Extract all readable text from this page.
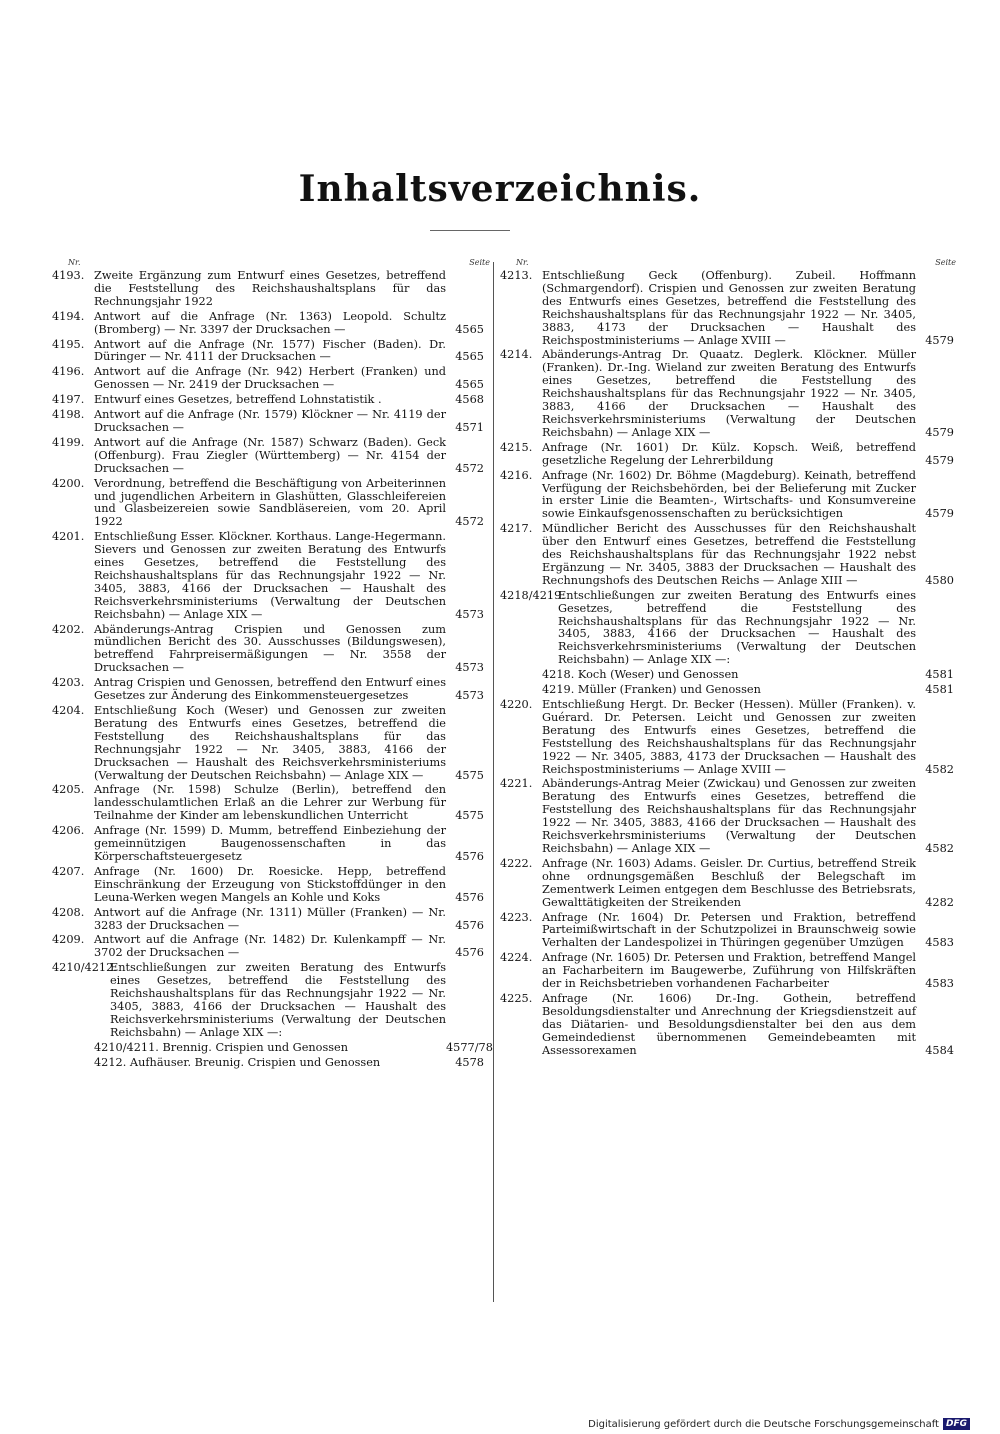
Inhaltsverzeichnis.
Nr.	Seite
4193. Zweite Ergänzung zum Entwurf eines Gesetzes, betreffend die Feststellung des Reichshaushaltsplans für das Rechnungsjahr 1922
4194. Antwort auf die Anfrage (Nr. 1363) Leopold. Schultz (Bromberg) — Nr. 3397 der Drucksachen —	4565
4195. Antwort auf die Anfrage (Nr. 1577) Fischer (Baden). Dr. Düringer — Nr. 4111 der Drucksachen —	4565
4196. Antwort auf die Anfrage (Nr. 942) Herbert (Franken) und Genossen — Nr. 2419 der Drucksachen —	4565
4197. Entwurf eines Gesetzes, betreffend Lohnstatistik .	4568
4198. Antwort auf die Anfrage (Nr. 1579) Klöckner — Nr. 4119 der Drucksachen —	4571
4199. Antwort auf die Anfrage (Nr. 1587) Schwarz (Baden). Geck (Offenburg). Frau Ziegler (Württemberg) — Nr. 4154 der Drucksachen —	4572
4200. Verordnung, betreffend die Beschäftigung von Arbeiterinnen und jugendlichen Arbeitern in Glashütten, Glasschleifereien und Glasbeizereien sowie Sandbläsereien, vom 20. April 1922	4572
4201. Entschließung Esser. Klöckner. Korthaus. Lange-Hegermann. Sievers und Genossen zur zweiten Beratung des Entwurfs eines Gesetzes, betreffend die Feststellung des Reichshaushaltsplans für das Rechnungsjahr 1922 — Nr. 3405, 3883, 4166 der Drucksachen — Haushalt des Reichsverkehrsministeriums (Verwaltung der Deutschen Reichsbahn) — Anlage XIX —	4573
4202. Abänderungs-Antrag Crispien und Genossen zum mündlichen Bericht des 30. Ausschusses (Bildungswesen), betreffend Fahrpreisermäßigungen — Nr. 3558 der Drucksachen —	4573
4203. Antrag Crispien und Genossen, betreffend den Entwurf eines Gesetzes zur Änderung des Einkommensteuergesetzes	4573
4204. Entschließung Koch (Weser) und Genossen zur zweiten Beratung des Entwurfs eines Gesetzes, betreffend die Feststellung des Reichshaushaltsplans für das Rechnungsjahr 1922 — Nr. 3405, 3883, 4166 der Drucksachen — Haushalt des Reichsverkehrsministeriums (Verwaltung der Deutschen Reichsbahn) — Anlage XIX —	4575
4205. Anfrage (Nr. 1598) Schulze (Berlin), betreffend den landesschulamtlichen Erlaß an die Lehrer zur Werbung für Teilnahme der Kinder am lebenskundlichen Unterricht	4575
4206. Anfrage (Nr. 1599) D. Mumm, betreffend Einbeziehung der gemeinnützigen Baugenossenschaften in das Körperschaftsteuergesetz	4576
4207. Anfrage (Nr. 1600) Dr. Roesicke. Hepp, betreffend Einschränkung der Erzeugung von Stickstoffdünger in den Leuna-Werken wegen Mangels an Kohle und Koks	4576
4208. Antwort auf die Anfrage (Nr. 1311) Müller (Franken) — Nr. 3283 der Drucksachen —	4576
4209. Antwort auf die Anfrage (Nr. 1482) Dr. Kulenkampff — Nr. 3702 der Drucksachen —	4576
4210/4212.
Entschließungen zur zweiten Beratung des Entwurfs eines Gesetzes, betreffend die Feststellung des Reichshaushaltsplans für das Rechnungsjahr 1922 — Nr. 3405, 3883, 4166 der Drucksachen — Haushalt des Reichsverkehrsministeriums (Verwaltung der Deutschen Reichsbahn) — Anlage XIX —:
4210/4211. Brennig. Crispien und Genossen	4577/78
4212. Aufhäuser. Breunig. Crispien und Genossen	4578
Nr.	Seite
4213. Entschließung Geck (Offenburg). Zubeil. Hoffmann (Schmargendorf). Crispien und Genossen zur zweiten Beratung des Entwurfs eines Gesetzes, betreffend die Feststellung des Reichshaushaltsplans für das Rechnungsjahr 1922 — Nr. 3405, 3883, 4173 der Drucksachen — Haushalt des Reichspostministeriums — Anlage XVIII —	4579
4214. Abänderungs-Antrag Dr. Quaatz. Deglerk. Klöckner. Müller (Franken). Dr.-Ing. Wieland zur zweiten Beratung des Entwurfs eines Gesetzes, betreffend die Feststellung des Reichshaushaltsplans für das Rechnungsjahr 1922 — Nr. 3405, 3883, 4166 der Drucksachen — Haushalt des Reichsverkehrsministeriums (Verwaltung der Deutschen Reichsbahn) — Anlage XIX —	4579
4215. Anfrage (Nr. 1601) Dr. Külz. Kopsch. Weiß, betreffend gesetzliche Regelung der Lehrerbildung	4579
4216. Anfrage (Nr. 1602) Dr. Böhme (Magdeburg). Keinath, betreffend Verfügung der Reichsbehörden, bei der Belieferung mit Zucker in erster Linie die Beamten-, Wirtschafts- und Konsumvereine sowie Einkaufsgenossenschaften zu berücksichtigen	4579
4217. Mündlicher Bericht des Ausschusses für den Reichshaushalt über den Entwurf eines Gesetzes, betreffend die Feststellung des Reichshaushaltsplans für das Rechnungsjahr 1922 nebst Ergänzung — Nr. 3405, 3883 der Drucksachen — Haushalt des Rechnungshofs des Deutschen Reichs — Anlage XIII —	4580
4218/4219.
Entschließungen zur zweiten Beratung des Entwurfs eines Gesetzes, betreffend die Feststellung des Reichshaushaltsplans für das Rechnungsjahr 1922 — Nr. 3405, 3883, 4166 der Drucksachen — Haushalt des Reichsverkehrsministeriums (Verwaltung der Deutschen Reichsbahn) — Anlage XIX —:
4218. Koch (Weser) und Genossen	4581
4219. Müller (Franken) und Genossen	4581
4220. Entschließung Hergt. Dr. Becker (Hessen). Müller (Franken). v. Guérard. Dr. Petersen. Leicht und Genossen zur zweiten Beratung des Entwurfs eines Gesetzes, betreffend die Feststellung des Reichshaushaltsplans für das Rechnungsjahr 1922 — Nr. 3405, 3883, 4173 der Drucksachen — Haushalt des Reichspostministeriums — Anlage XVIII —	4582
4221. Abänderungs-Antrag Meier (Zwickau) und Genossen zur zweiten Beratung des Entwurfs eines Gesetzes, betreffend die Feststellung des Reichshaushaltsplans für das Rechnungsjahr 1922 — Nr. 3405, 3883, 4166 der Drucksachen — Haushalt des Reichsverkehrsministeriums (Verwaltung der Deutschen Reichsbahn) — Anlage XIX —	4582
4222. Anfrage (Nr. 1603) Adams. Geisler. Dr. Curtius, betreffend Streik ohne ordnungsgemäßen Beschluß der Belegschaft im Zementwerk Leimen entgegen dem Beschlusse des Betriebsrats, Gewalttätigkeiten der Streikenden	4282
4223. Anfrage (Nr. 1604) Dr. Petersen und Fraktion, betreffend Parteimißwirtschaft in der Schutzpolizei in Braunschweig sowie Verhalten der Landespolizei in Thüringen gegenüber Umzügen	4583
4224. Anfrage (Nr. 1605) Dr. Petersen und Fraktion, betreffend Mangel an Facharbeitern im Baugewerbe, Zuführung von Hilfskräften der in Reichsbetrieben vorhandenen Facharbeiter	4583
4225. Anfrage (Nr. 1606) Dr.-Ing. Gothein, betreffend Besoldungsdienstalter und Anrechnung der Kriegsdienstzeit auf das Diätarien- und Besoldungsdienstalter bei den aus dem Gemeindedienst übernommenen Gemeindebeamten mit Assessorexamen	4584
Digitalisierung gefördert durch die Deutsche Forschungsgemeinschaft DFG
